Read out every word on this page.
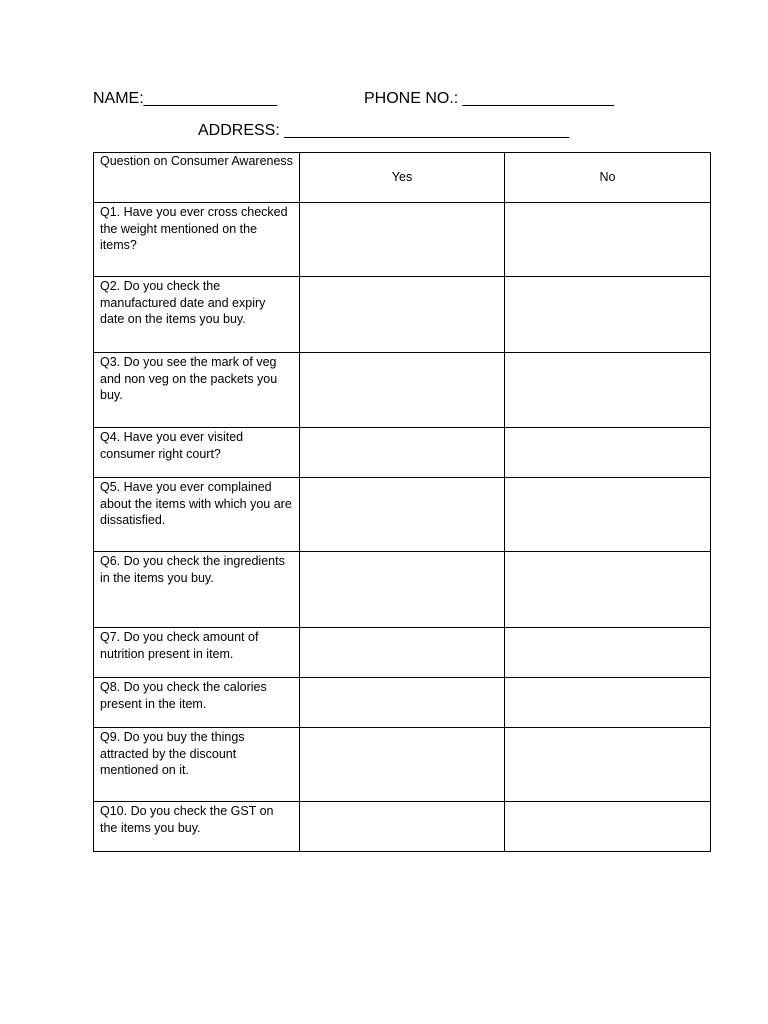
NAME:_______________	PHONE NO.: _________________
ADDRESS: ________________________________
Question on Consumer Awareness	Yes	No

Q1. Have you ever cross checked the weight mentioned on the items?		

Q2. Do you check the manufactured date and expiry date on the items you buy.		

Q3. Do you see the mark of veg and non veg on the packets you buy.		

Q4. Have you ever visited consumer right court?		

Q5. Have you ever complained about the items with which you are dissatisfied.		

Q6. Do you check the ingredients in the items you buy.		

Q7. Do you check amount of nutrition present in item.		

Q8. Do you check the calories present in the item.		

Q9. Do you buy the things attracted by the discount mentioned on it.		

Q10. Do you check the GST on the items you buy.		
